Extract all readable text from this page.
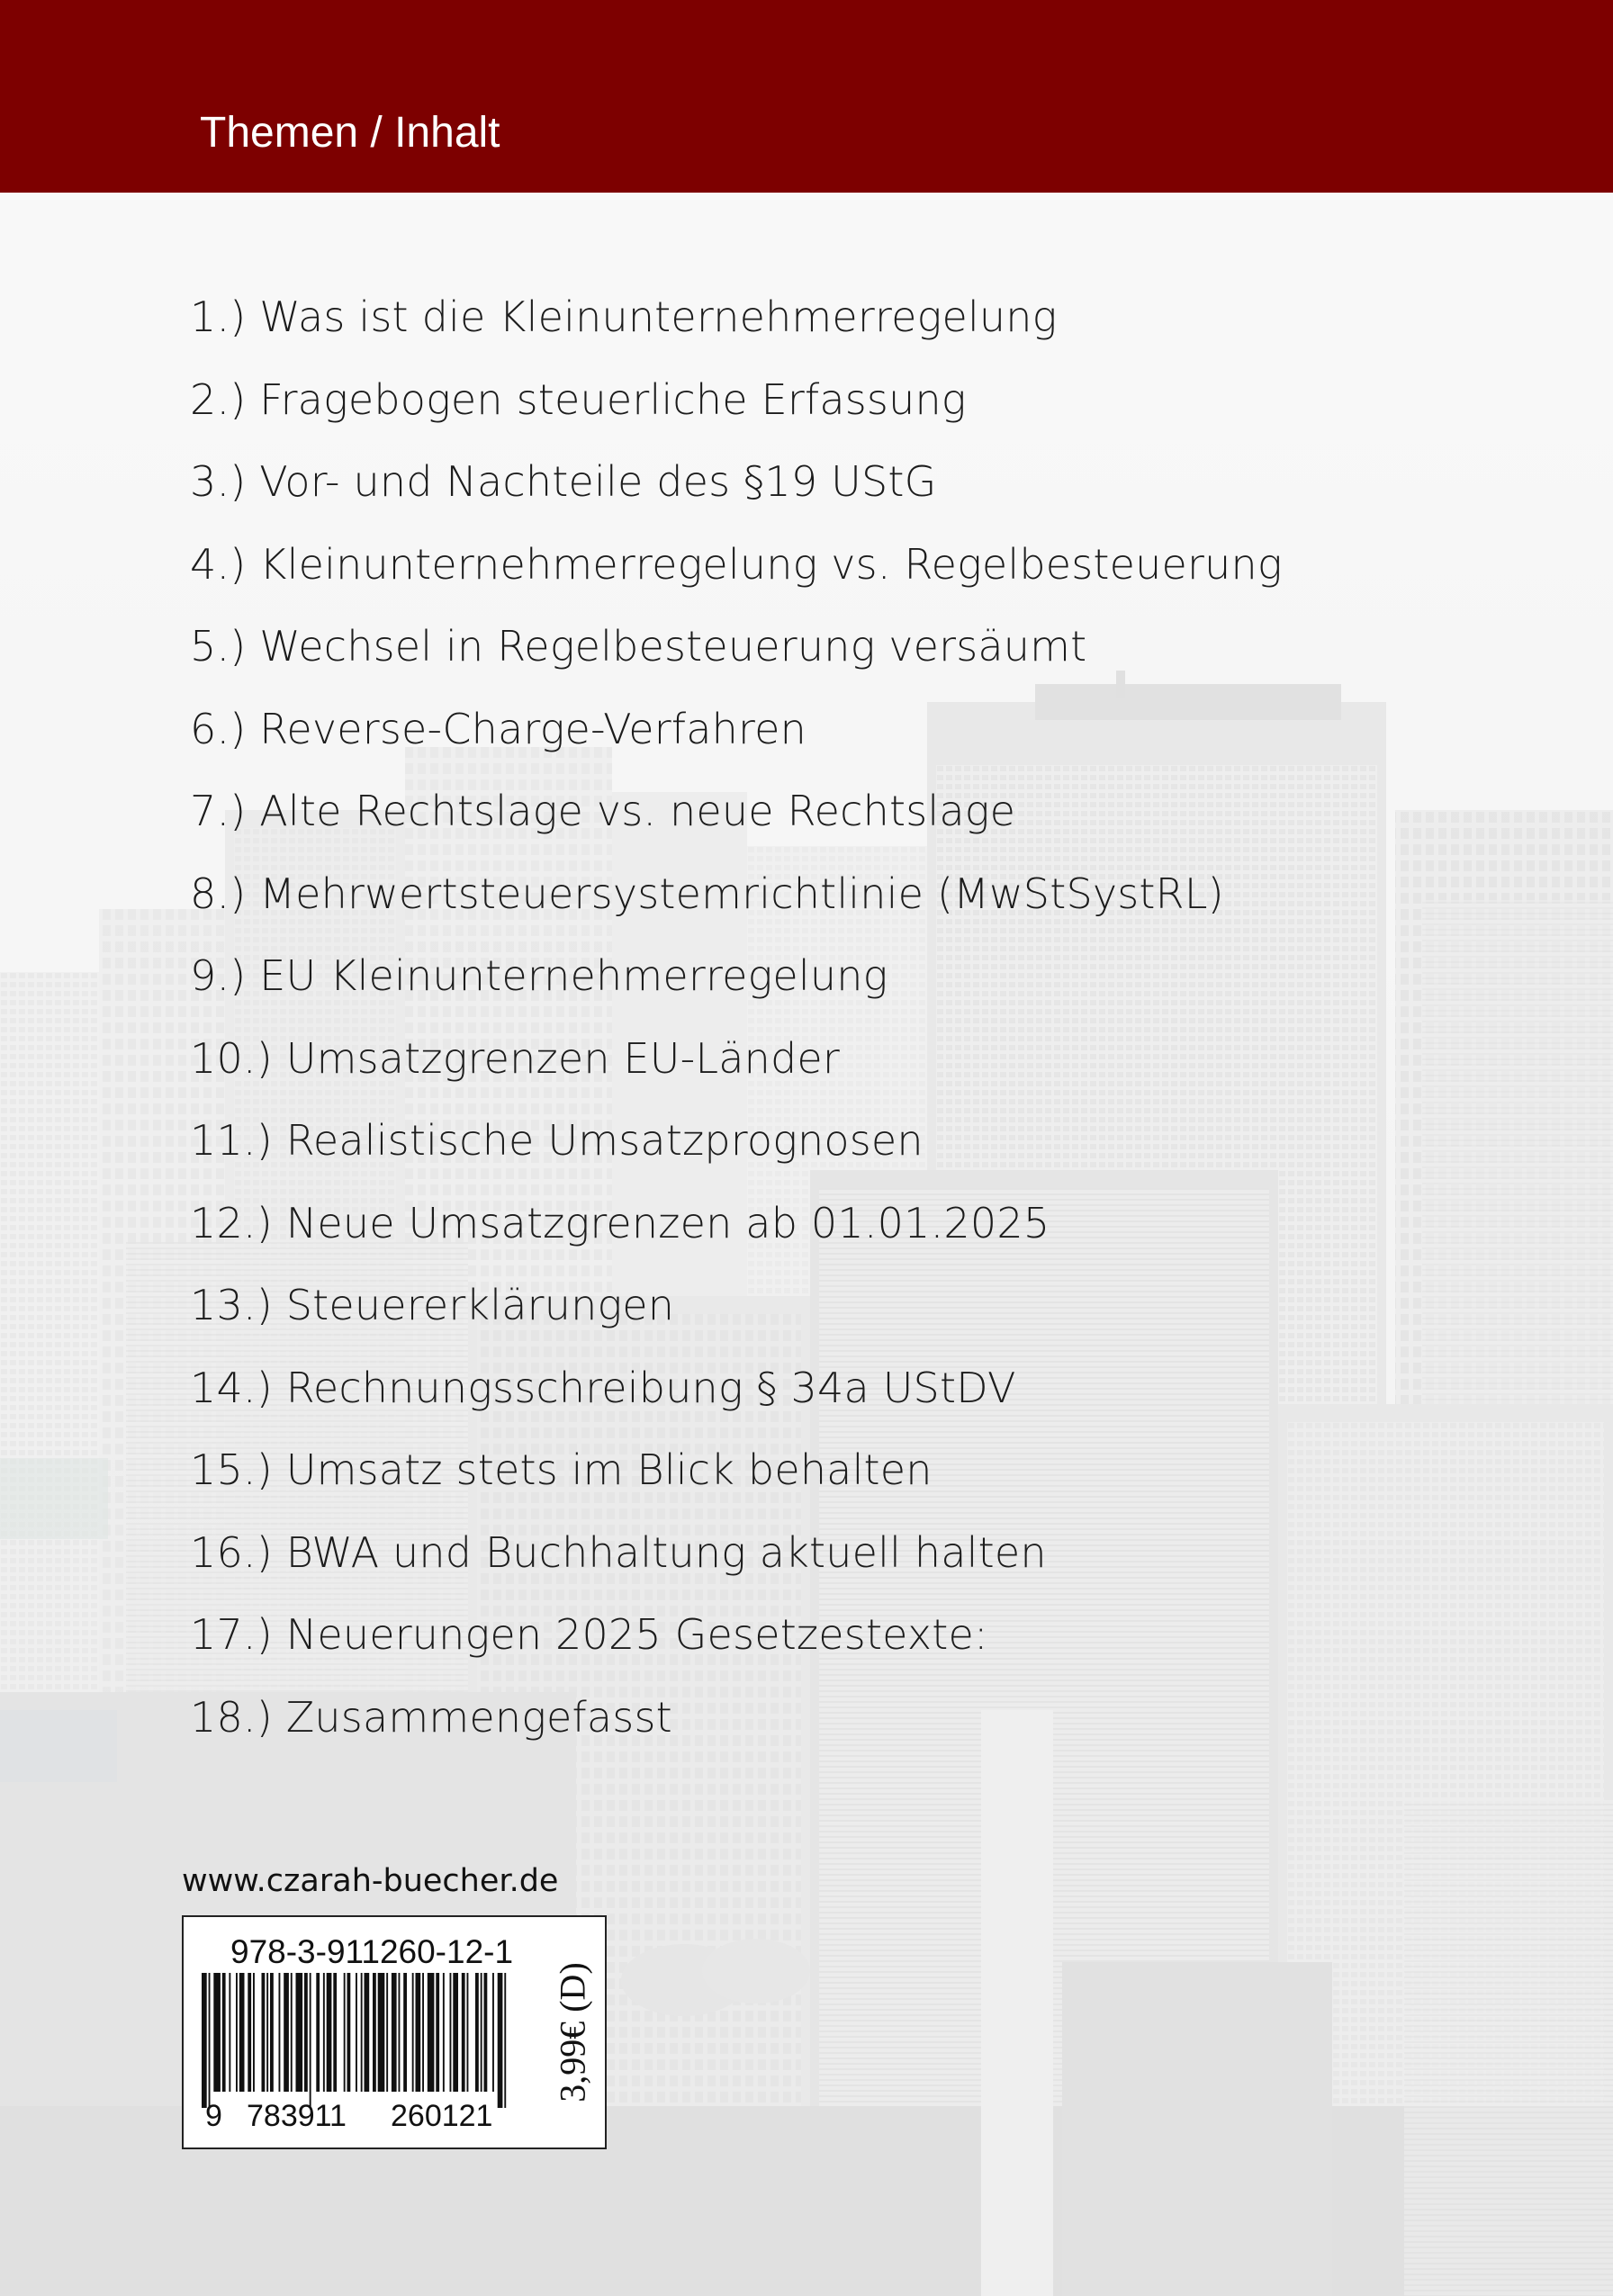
Themen / Inhalt
1.) Was ist die Kleinunternehmerregelung
2.) Fragebogen steuerliche Erfassung
3.) Vor- und Nachteile des §19 UStG
4.) Kleinunternehmerregelung vs. Regelbesteuerung
5.) Wechsel in Regelbesteuerung versäumt
6.) Reverse-Charge-Verfahren
7.) Alte Rechtslage vs. neue Rechtslage
8.) Mehrwertsteuersystemrichtlinie (MwStSystRL)
9.) EU Kleinunternehmerregelung
10.) Umsatzgrenzen EU-Länder
11.) Realistische Umsatzprognosen
12.) Neue Umsatzgrenzen ab 01.01.2025
13.) Steuererklärungen
14.) Rechnungsschreibung § 34a UStDV
15.) Umsatz stets im Blick behalten
16.) BWA und Buchhaltung aktuell halten
17.) Neuerungen 2025 Gesetzestexte:
18.) Zusammengefasst
www.czarah-buecher.de
978-3-911260-12-1
9 783911 260121
3,99€ (D)
